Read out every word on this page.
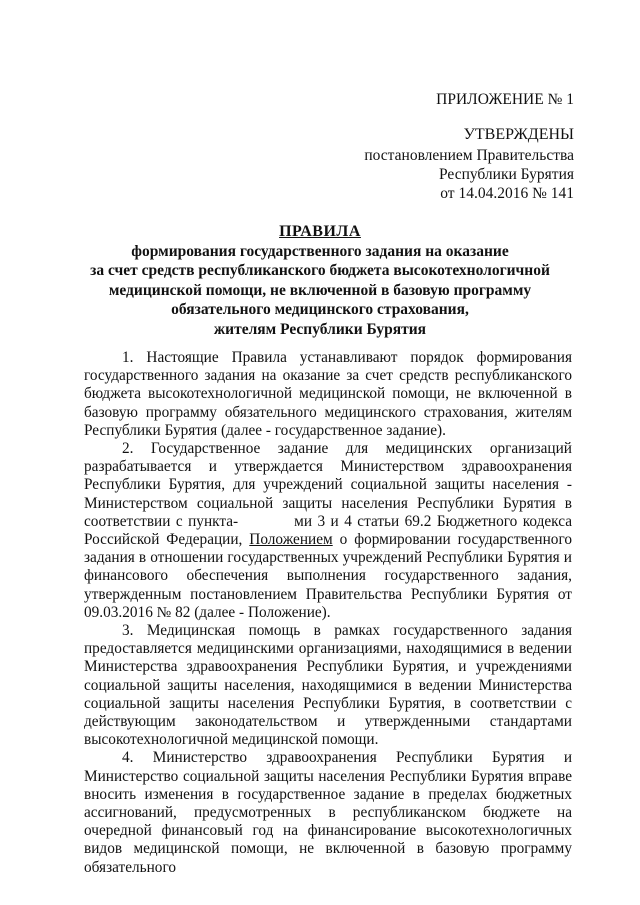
ПРИЛОЖЕНИЕ № 1
УТВЕРЖДЕНЫ
постановлением Правительства
Республики Бурятия
от 14.04.2016 № 141
ПРАВИЛА
формирования государственного задания на оказание
за счет средств республиканского бюджета высокотехнологичной
медицинской помощи, не включенной в базовую программу
обязательного медицинского страхования,
жителям Республики Бурятия

1. Настоящие Правила устанавливают порядок формирования государственного задания на оказание за счет средств республиканского бюджета высокотехнологичной медицинской помощи, не включенной в базовую программу обязательного медицинского страхования, жителям Республики Бурятия (далее - государственное задание).

2. Государственное задание для медицинских организаций разрабатывается и утверждается Министерством здравоохранения Республики Бурятия, для учреждений социальной защиты населения - Министерством социальной защиты населения Республики Бурятия в соответствии с пункта-	ми 3 и 4 статьи 69.2 Бюджетного кодекса Российской Федерации, Положением о формировании государственного задания в отношении государственных учреждений Республики Бурятия и финансового обеспечения выполнения государственного задания, утвержденным постановлением Правительства Республики Бурятия от 09.03.2016 № 82 (далее - Положение).

3. Медицинская помощь в рамках государственного задания предоставляется медицинскими организациями, находящимися в ведении Министерства здравоохранения Республики Бурятия, и учреждениями социальной защиты населения, находящимися в ведении Министерства социальной защиты населения Республики Бурятия, в соответствии с действующим законодательством и утвержденными стандартами высокотехнологичной медицинской помощи.

4. Министерство здравоохранения Республики Бурятия и Министерство социальной защиты населения Республики Бурятия вправе вносить изменения в государственное задание в пределах бюджетных ассигнований, предусмотренных в республиканском бюджете на очередной финансовый год на финансирование высокотехнологичных видов медицинской помощи, не включенной в базовую программу обязательного
